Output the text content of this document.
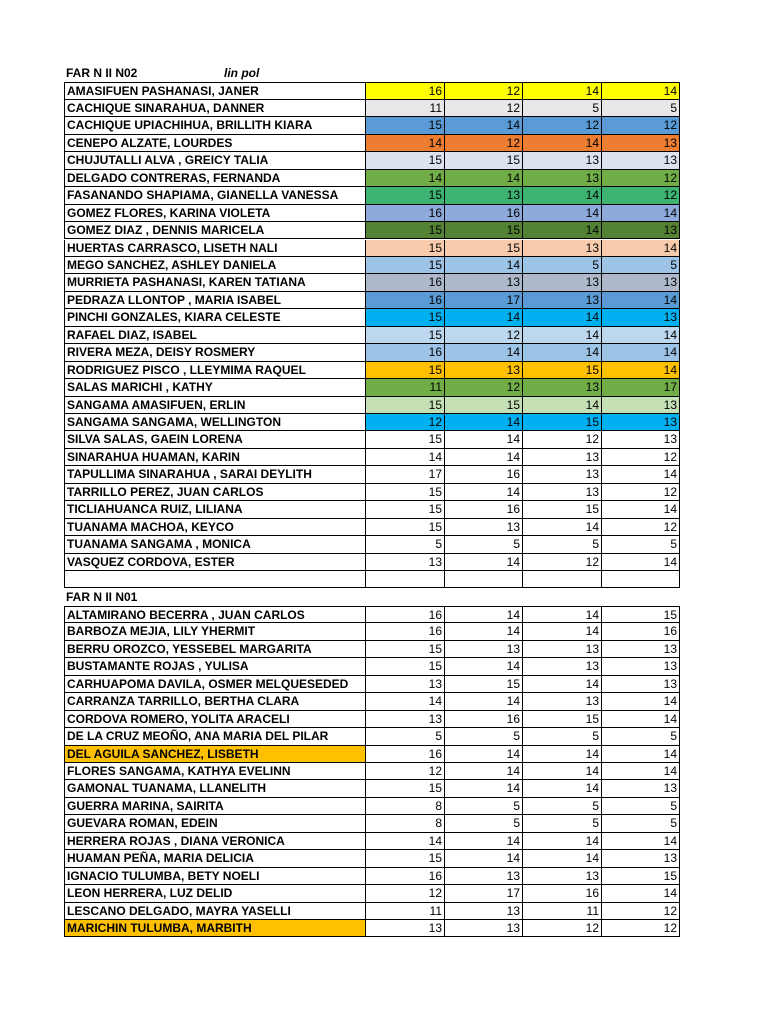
FAR N II N02	lin pol
AMASIFUEN PASHANASI, JANER	16	12	14	14
CACHIQUE SINARAHUA, DANNER	11	12	5	5
CACHIQUE UPIACHIHUA, BRILLITH KIARA	15	14	12	12
CENEPO ALZATE, LOURDES	14	12	14	13
CHUJUTALLI ALVA , GREICY TALIA	15	15	13	13
DELGADO CONTRERAS, FERNANDA	14	14	13	12
FASANANDO SHAPIAMA, GIANELLA VANESSA	15	13	14	12
GOMEZ FLORES, KARINA VIOLETA	16	16	14	14
GOMEZ DIAZ , DENNIS MARICELA	15	15	14	13
HUERTAS CARRASCO, LISETH NALI	15	15	13	14
MEGO SANCHEZ, ASHLEY DANIELA	15	14	5	5
MURRIETA PASHANASI, KAREN TATIANA	16	13	13	13
PEDRAZA LLONTOP , MARIA ISABEL	16	17	13	14
PINCHI GONZALES, KIARA CELESTE	15	14	14	13
RAFAEL DIAZ, ISABEL	15	12	14	14
RIVERA MEZA, DEISY ROSMERY	16	14	14	14
RODRIGUEZ PISCO , LLEYMIMA RAQUEL	15	13	15	14
SALAS MARICHI , KATHY	11	12	13	17
SANGAMA AMASIFUEN, ERLIN	15	15	14	13
SANGAMA SANGAMA, WELLINGTON	12	14	15	13
SILVA SALAS, GAEIN LORENA	15	14	12	13
SINARAHUA HUAMAN, KARIN	14	14	13	12
TAPULLIMA SINARAHUA , SARAI DEYLITH	17	16	13	14
TARRILLO PEREZ, JUAN CARLOS	15	14	13	12
TICLIAHUANCA RUIZ, LILIANA	15	16	15	14
TUANAMA MACHOA, KEYCO	15	13	14	12
TUANAMA SANGAMA , MONICA	5	5	5	5
VASQUEZ CORDOVA, ESTER	13	14	12	14
FAR N II N01
ALTAMIRANO BECERRA , JUAN CARLOS	16	14	14	15
BARBOZA MEJIA, LILY YHERMIT	16	14	14	16
BERRU OROZCO, YESSEBEL MARGARITA	15	13	13	13
BUSTAMANTE ROJAS , YULISA	15	14	13	13
CARHUAPOMA DAVILA, OSMER MELQUESEDED	13	15	14	13
CARRANZA TARRILLO, BERTHA CLARA	14	14	13	14
CORDOVA ROMERO, YOLITA ARACELI	13	16	15	14
DE LA CRUZ MEOÑO, ANA MARIA DEL PILAR	5	5	5	5
DEL AGUILA SANCHEZ, LISBETH	16	14	14	14
FLORES SANGAMA, KATHYA EVELINN	12	14	14	14
GAMONAL TUANAMA, LLANELITH	15	14	14	13
GUERRA MARINA, SAIRITA	8	5	5	5
GUEVARA ROMAN, EDEIN	8	5	5	5
HERRERA ROJAS , DIANA VERONICA	14	14	14	14
HUAMAN PEÑA, MARIA DELICIA	15	14	14	13
IGNACIO TULUMBA, BETY NOELI	16	13	13	15
LEON HERRERA, LUZ DELID	12	17	16	14
LESCANO DELGADO, MAYRA YASELLI	11	13	11	12
MARICHIN TULUMBA, MARBITH	13	13	12	12
